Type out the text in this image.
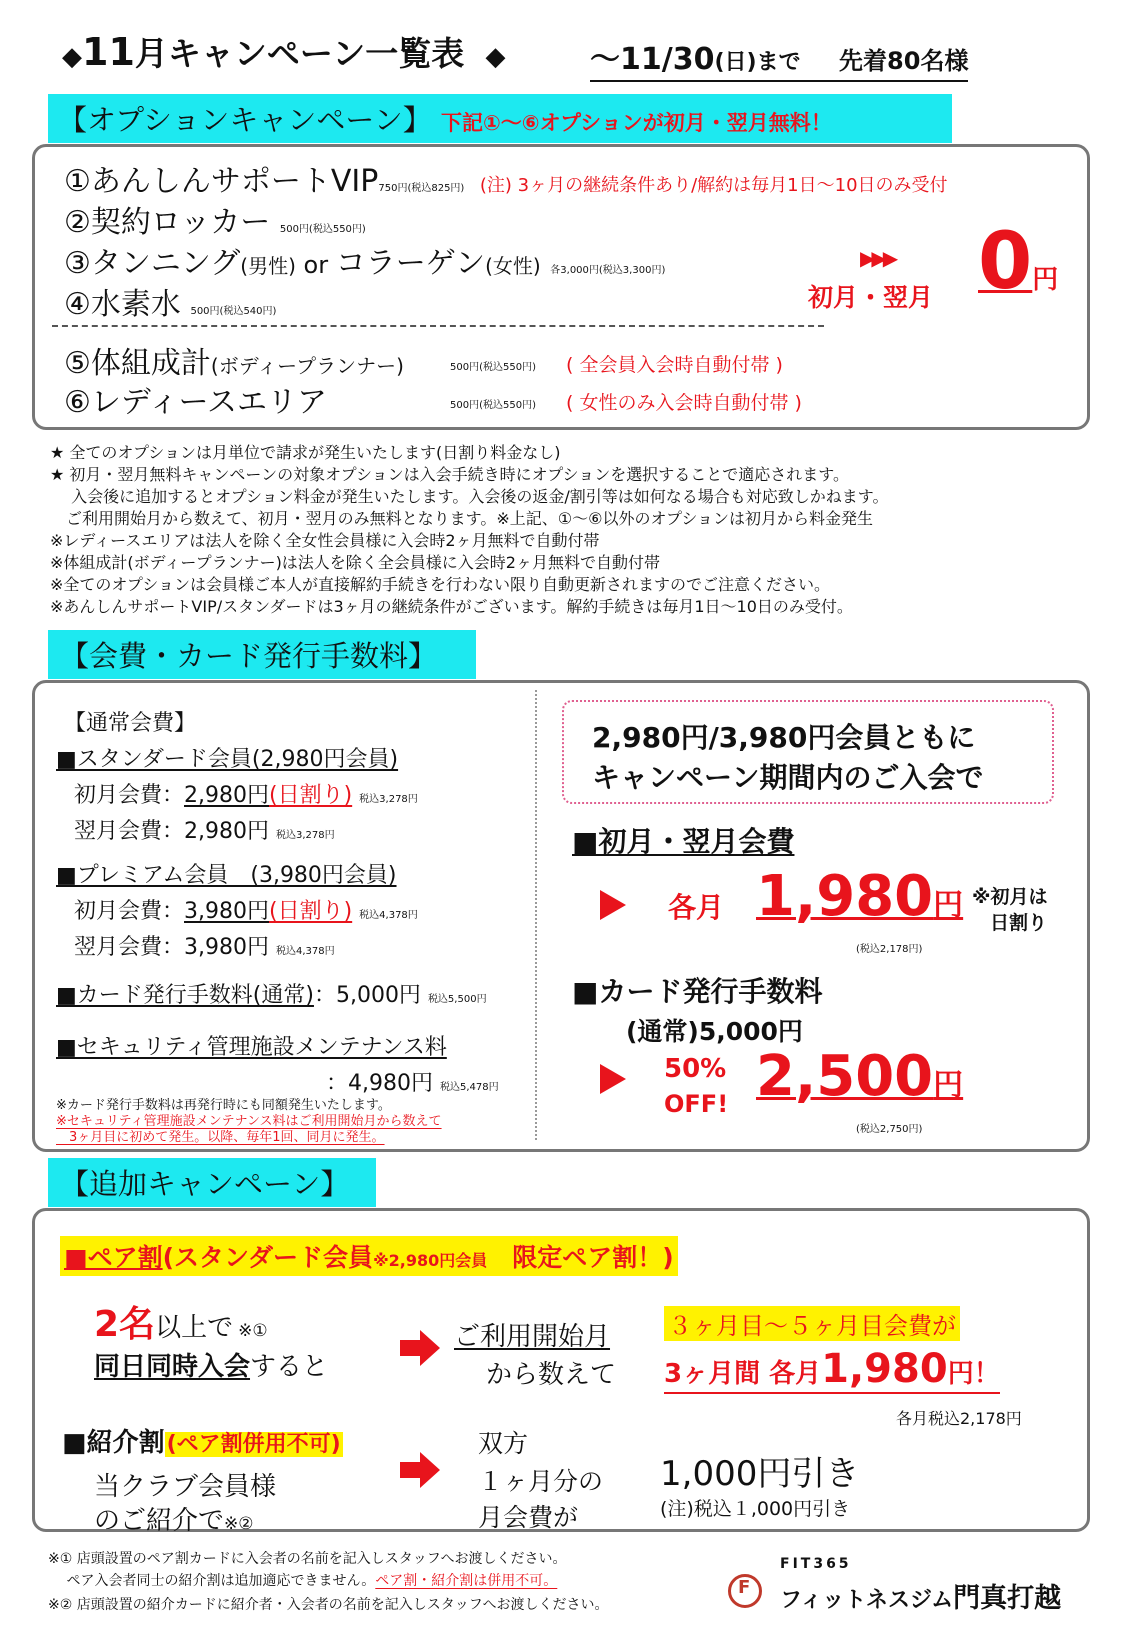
◆11月キャンペーン一覧表 ◆	～11/30(日)まで 先着80名様
【オプションキャンペーン】 下記①～⑥オプションが初月・翌月無料！
①あんしんサポートVIP750円(税込825円) (注) 3ヶ月の継続条件あり/解約は毎月1日～10日のみ受付
②契約ロッカー 500円(税込550円)
③タンニング(男性) or コラーゲン(女性) 各3,000円(税込3,300円)
④水素水 500円(税込540円)
⑤体組成計(ボディープランナー)	500円(税込550円) ( 全会員入会時自動付帯 )
⑥レディースエリア	500円(税込550円) ( 女性のみ入会時自動付帯 )
▶▶▶
初月・翌月 0円
★ 全てのオプションは月単位で請求が発生いたします(日割り料金なし)
★ 初月・翌月無料キャンペーンの対象オプションは入会手続き時にオプションを選択することで適応されます。
　 入会後に追加するとオプション料金が発生いたします。入会後の返金/割引等は如何なる場合も対応致しかねます。
　ご利用開始月から数えて、初月・翌月のみ無料となります。※上記、①～⑥以外のオプションは初月から料金発生
※レディースエリアは法人を除く全女性会員様に入会時2ヶ月無料で自動付帯
※体組成計(ボディープランナー)は法人を除く全会員様に入会時2ヶ月無料で自動付帯
※全てのオプションは会員様ご本人が直接解約手続きを行わない限り自動更新されますのでご注意ください。
※あんしんサポートVIP/スタンダードは3ヶ月の継続条件がございます。解約手続きは毎月1日～10日のみ受付。
【会費・カード発行手数料】
【通常会費】
■スタンダード会員(2,980円会員)
初月会費：2,980円(日割り) 税込3,278円
翌月会費：2,980円 税込3,278円
■プレミアム会員　(3,980円会員)
初月会費：3,980円(日割り) 税込4,378円
翌月会費：3,980円 税込4,378円
■カード発行手数料(通常)：5,000円 税込5,500円
■セキュリティ管理施設メンテナンス料
：4,980円 税込5,478円
※カード発行手数料は再発行時にも同額発生いたします。
※セキュリティ管理施設メンテナンス料はご利用開始月から数えて
　3ヶ月目に初めて発生。以降、毎年1回、同月に発生。
2,980円/3,980円会員ともに
キャンペーン期間内のご入会で
■初月・翌月会費
各月 1,980円
(税込2,178円)
※初月は
日割り
■カード発行手数料
(通常)5,000円
50%
OFF! 2,500円
(税込2,750円)
【追加キャンペーン】
■ペア割(スタンダード会員※2,980円会員　限定ペア割！)
2名以上で ※①
同日同時入会すると
ご利用開始月
から数えて
３ヶ月目～５ヶ月目会費が
3ヶ月間 各月1,980円！
各月税込2,178円
■紹介割(ペア割併用不可)
当クラブ会員様
のご紹介で※②
双方
１ヶ月分の
月会費が
1,000円引き
(注)税込１,000円引き
※① 店頭設置のペア割カードに入会者の名前を記入しスタッフへお渡しください。
　 ペア入会者同士の紹介割は追加適応できません。ペア割・紹介割は併用不可。
※② 店頭設置の紹介カードに紹介者・入会者の名前を記入しスタッフへお渡しください。
F
FIT365
フィットネスジム門真打越
